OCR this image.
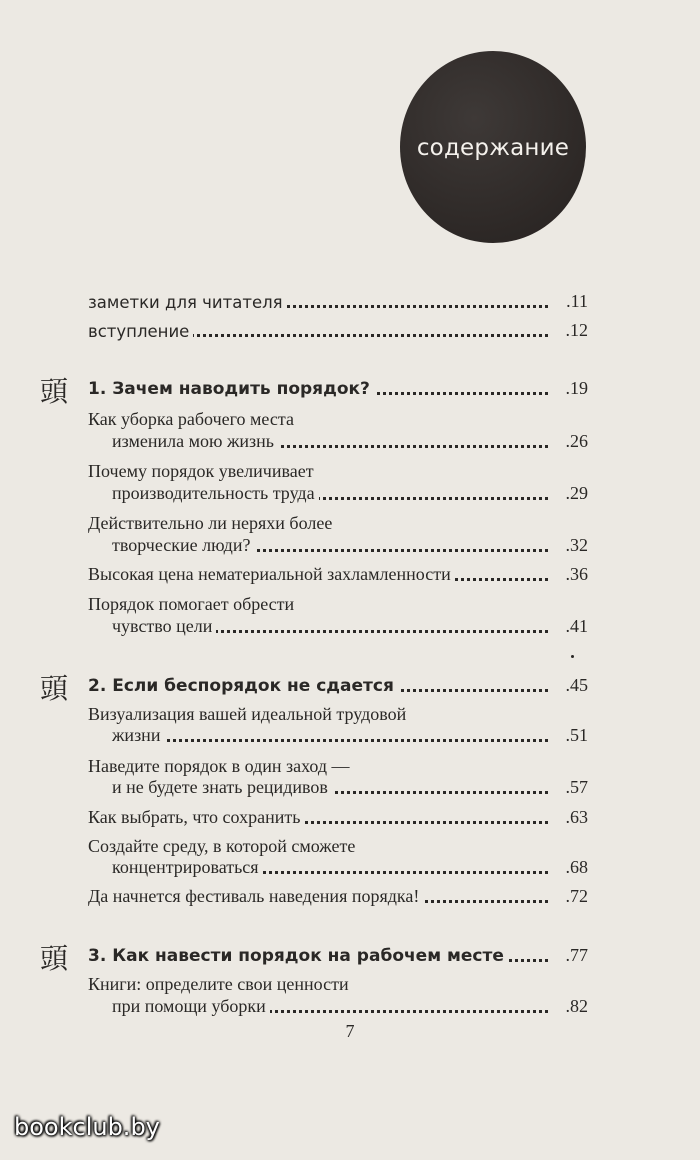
содержание
заметки для читателя	.11
вступление	.12
頭 1. Зачем наводить порядок?	.19
Как уборка рабочего места
изменила мою жизнь	.26
Почему порядок увеличивает
производительность труда	.29
Действительно ли неряхи более
творческие люди?	.32
Высокая цена нематериальной захламленности	.36
Порядок помогает обрести
чувство цели	.41
頭 2. Если беспорядок не сдается	.45
Визуализация вашей идеальной трудовой
жизни	.51
Наведите порядок в один заход —
и не будете знать рецидивов	.57
Как выбрать, что сохранить	.63
Создайте среду, в которой сможете
концентрироваться	.68
Да начнется фестиваль наведения порядка!	.72
頭 3. Как навести порядок на рабочем месте	.77
Книги: определите свои ценности
при помощи уборки	.82
7
bookclub.by
